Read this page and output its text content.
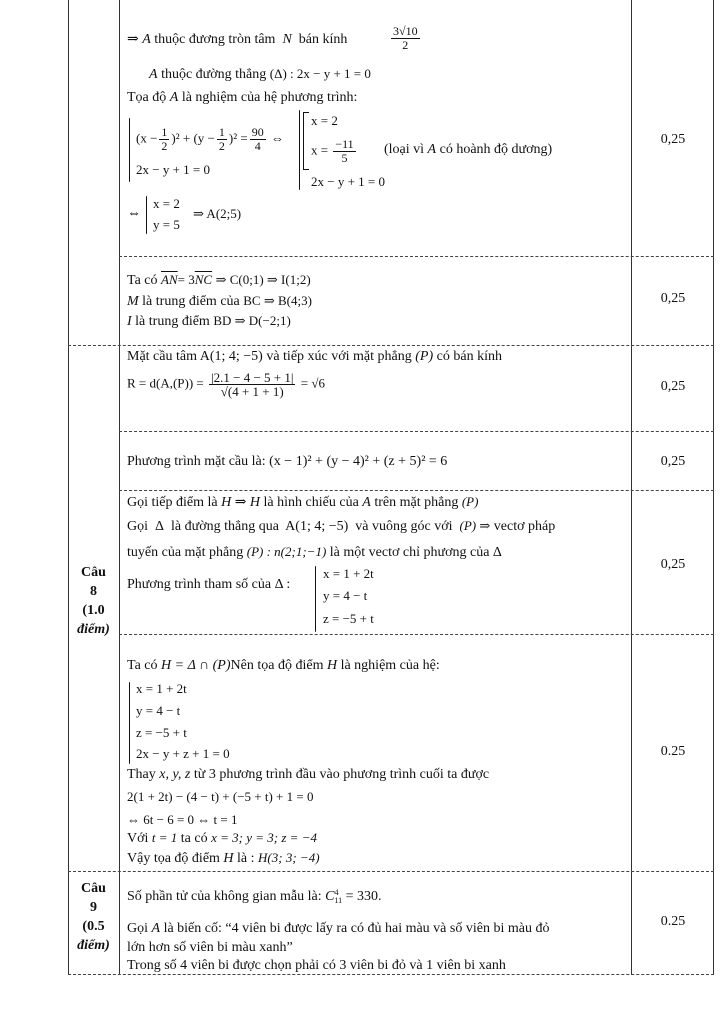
Câu
8
(1.0
điểm)
Câu
9
(0.5
điểm)
0,25
0,25
0,25
0,25
0,25
0.25
0.25
⇒ A thuộc đương tròn tâm N bán kính	$\frac{3√10}{2}$
A thuộc đường thẳng (Δ) : 2x − y + 1 = 0
Tọa độ A là nghiệm của hệ phương trình:
$(x - \frac{1}{2} )^2 + (y - \frac{1}{2} )^2 = \frac{90}{4}$ ⇔
2x − y + 1 = 0
x = 2
$x = \frac{-11}{5}$
2x − y + 1 = 0
(loại vì A có hoành độ dương)
⇔
x = 2
y = 5
⇒ A(2;5)
Ta có $\overline{AN}= 3\overline{NC}$ ⇒ C(0;1) ⇒ I(1;2)
M là trung điểm của BC ⇒ B(4;3)
I là trung điểm BD ⇒ D(−2;1)
Mặt cầu tâm A(1; 4; −5) và tiếp xúc với mặt phẳng (P) có bán kính
$R = d(A,(P)) = \frac{|2.1 - 4 - 5 + 1|}{√(4 + 1 + 1)} = √6$
Phương trình mặt cầu là: (x − 1)² + (y − 4)² + (z + 5)² = 6
Gọi tiếp điểm là H ⇒ H là hình chiếu của A trên mặt phẳng (P)
Gọi Δ là đường thẳng qua A(1; 4; −5) và vuông góc với (P) ⇒ vectơ pháp
tuyến của mặt phẳng (P) : n(2;1;−1) là một vectơ chỉ phương của Δ
Phương trình tham số của Δ :
x = 1 + 2t
y = 4 − t
z = −5 + t
Ta có H = Δ ∩ (P)Nên tọa độ điểm H là nghiệm của hệ:
x = 1 + 2t
y = 4 − t
z = −5 + t
2x − y + z + 1 = 0
Thay x, y, z từ 3 phương trình đầu vào phương trình cuối ta được
2(1 + 2t) − (4 − t) + (−5 + t) + 1 = 0
⇔ 6t − 6 = 0 ⇔ t = 1
Với t = 1 ta có x = 3; y = 3; z = −4
Vậy tọa độ điểm H là : H(3; 3; −4)
Số phần tử của không gian mẫu là: C 4
11 = 330.
Gọi A là biến cố: “4 viên bi được lấy ra có đủ hai màu và số viên bi màu đỏ
lớn hơn số viên bi màu xanh”
Trong số 4 viên bi được chọn phải có 3 viên bi đỏ và 1 viên bi xanh
